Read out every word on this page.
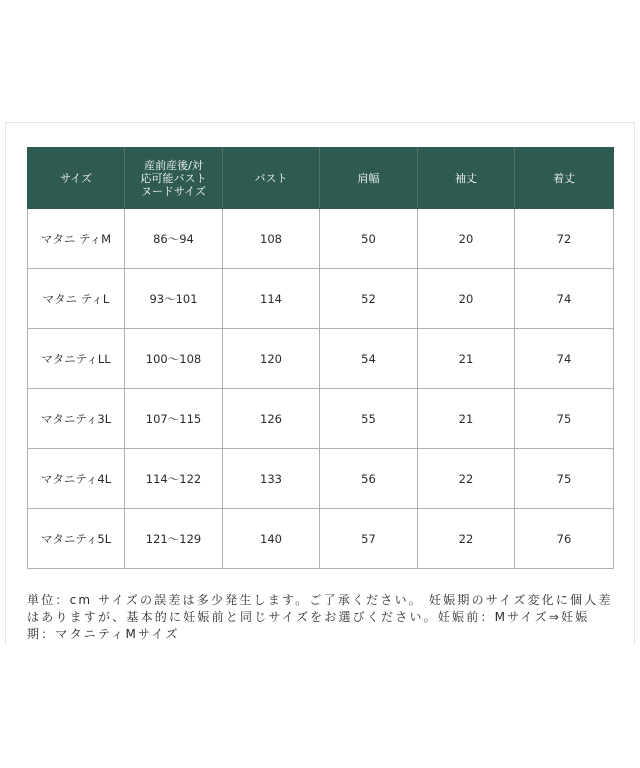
サイズ	産前産後/対
応可能バスト
ヌードサイズ	バスト	肩幅	袖丈	着丈
マタニ ティM	86～94	108	50	20	72
マタニ ティL	93～101	114	52	20	74
マタニティLL	100～108	120	54	21	74
マタニティ3L	107～115	126	55	21	75
マタニティ4L	114～122	133	56	22	75
マタニティ5L	121～129	140	57	22	76

単位：cm サイズの誤差は多少発生します。ご了承ください。 妊娠期のサイズ変化に個人差はありますが、基本的に妊娠前と同じサイズをお選びください。妊娠前：Mサイズ⇒妊娠期：マタニティMサイズ
